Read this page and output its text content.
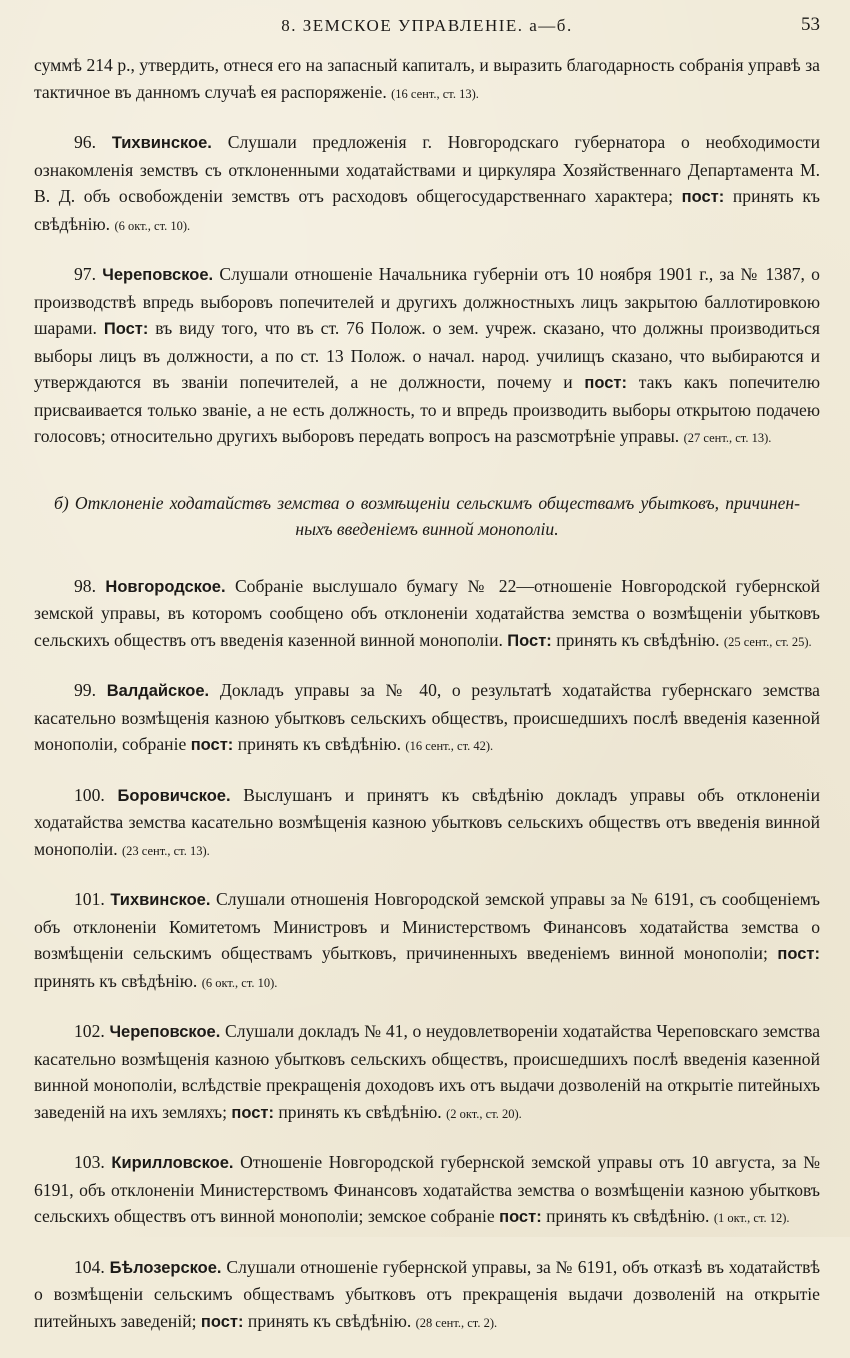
8. ЗЕМСКОЕ УПРАВЛЕНІЕ. а—б.	53

суммѣ 214 р., утвердить, отнеся его на запасный капиталъ, и выразить благодарность собранія управѣ за тактичное въ данномъ случаѣ ея распоряженіе. (16 сент., ст. 13).

96. Тихвинское. Слушали предложенія г. Новгородскаго губернатора о необходимости ознакомленія земствъ съ отклоненными ходатайствами и циркуляра Хозяйственнаго Департамента М. В. Д. объ освобожденіи земствъ отъ расходовъ общегосударственнаго характера; пост: принять къ свѣдѣнію. (6 окт., ст. 10).

97. Череповское. Слушали отношеніе Начальника губерніи отъ 10 ноября 1901 г., за № 1387, о производствѣ впредь выборовъ попечителей и другихъ должностныхъ лицъ закрытою баллотировкою шарами. Пост: въ виду того, что въ ст. 76 Полож. о зем. учреж. сказано, что должны производиться выборы лицъ въ должности, а по ст. 13 Полож. о начал. народ. училищъ сказано, что выбираются и утверждаются въ званіи попечителей, а не должности, почему и пост: такъ какъ попечителю присваивается только званіе, а не есть должность, то и впредь производить выборы открытою подачею голосовъ; относительно другихъ выборовъ передать вопросъ на разсмотрѣніе управы. (27 сент., ст. 13).

б) Отклоненіе ходатайствъ земства о возмѣщеніи сельскимъ обществамъ убытковъ, причинен-
ныхъ введеніемъ винной монополіи.

98. Новгородское. Собраніе выслушало бумагу № 22—отношеніе Новгородской губернской земской управы, въ которомъ сообщено объ отклоненіи ходатайства земства о возмѣщеніи убытковъ сельскихъ обществъ отъ введенія казенной винной монополіи. Пост: принять къ свѣдѣнію. (25 сент., ст. 25).

99. Валдайское. Докладъ управы за № 40, о результатѣ ходатайства губернскаго земства касательно возмѣщенія казною убытковъ сельскихъ обществъ, происшедшихъ послѣ введенія казенной монополіи, собраніе пост: принять къ свѣдѣнію. (16 сент., ст. 42).

100. Боровичское. Выслушанъ и принятъ къ свѣдѣнію докладъ управы объ отклоненіи ходатайства земства касательно возмѣщенія казною убытковъ сельскихъ обществъ отъ введенія винной монополіи. (23 сент., ст. 13).

101. Тихвинское. Слушали отношенія Новгородской земской управы за № 6191, съ сообщеніемъ объ отклоненіи Комитетомъ Министровъ и Министерствомъ Финансовъ ходатайства земства о возмѣщеніи сельскимъ обществамъ убытковъ, причиненныхъ введеніемъ винной монополіи; пост: принять къ свѣдѣнію. (6 окт., ст. 10).

102. Череповское. Слушали докладъ № 41, о неудовлетвореніи ходатайства Череповскаго земства касательно возмѣщенія казною убытковъ сельскихъ обществъ, происшедшихъ послѣ введенія казенной винной монополіи, вслѣдствіе прекращенія доходовъ ихъ отъ выдачи дозволеній на открытіе питейныхъ заведеній на ихъ земляхъ; пост: принять къ свѣдѣнію. (2 окт., ст. 20).

103. Кирилловское. Отношеніе Новгородской губернской земской управы отъ 10 августа, за № 6191, объ отклоненіи Министерствомъ Финансовъ ходатайства земства о возмѣщеніи казною убытковъ сельскихъ обществъ отъ винной монополіи; земское собраніе пост: принять къ свѣдѣнію. (1 окт., ст. 12).

104. Бѣлозерское. Слушали отношеніе губернской управы, за № 6191, объ отказѣ въ ходатайствѣ о возмѣщеніи сельскимъ обществамъ убытковъ отъ прекращенія выдачи дозволеній на открытіе питейныхъ заведеній; пост: принять къ свѣдѣнію. (28 сент., ст. 2).
